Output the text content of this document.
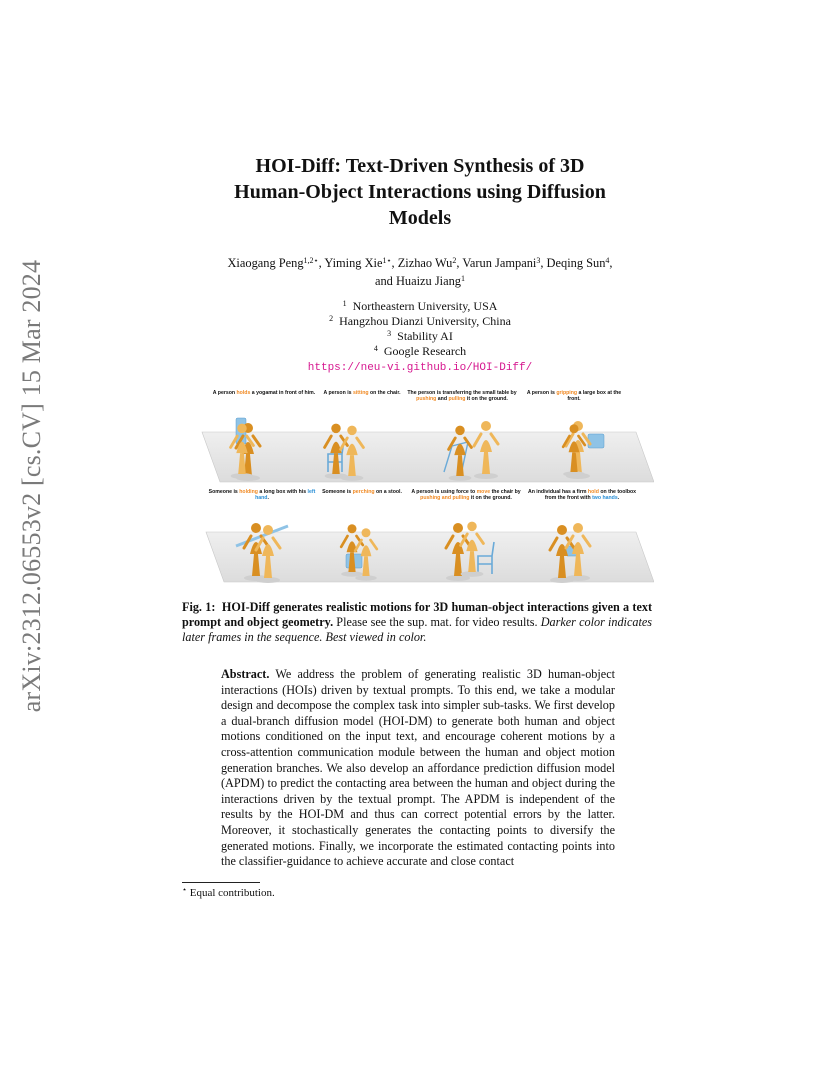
arXiv:2312.06553v2 [cs.CV] 15 Mar 2024
HOI-Diff: Text-Driven Synthesis of 3D
Human-Object Interactions using Diffusion
Models
Xiaogang Peng$^{1,2⋆}$, Yiming Xie$^{1⋆}$, Zizhao Wu$^2$, Varun Jampani$^3$, Deqing Sun$^4$,
and Huaizu Jiang$^1$
$^1$ Northeastern University, USA
$^2$ Hangzhou Dianzi University, China
$^3$ Stability AI
$^4$ Google Research
https://neu-vi.github.io/HOI-Diff/
A person holds a yogamat in front of him.	A person is sitting on the chair.	The person is transferring the small table by pushing and pulling it on the ground.
A person is gripping a large box at the front.
Someone is holding a long box with his left hand.
Someone is perching on a stool.	A person is using force to move the chair by pushing and pulling it on the ground.
An individual has a firm hold on the toolbox from the front with two hands.
Fig. 1: HOI-Diff generates realistic motions for 3D human-object interactions given a text prompt and object geometry. Please see the sup. mat. for video results. Darker color indicates later frames in the sequence. Best viewed in color.
Abstract. We address the problem of generating realistic 3D human-object interactions (HOIs) driven by textual prompts. To this end, we take a modular design and decompose the complex task into simpler sub-tasks. We first develop a dual-branch diffusion model (HOI-DM) to generate both human and object motions conditioned on the input text, and encourage coherent motions by a cross-attention communication module between the human and object motion generation branches. We also develop an affordance prediction diffusion model (APDM) to predict the contacting area between the human and object during the interactions driven by the textual prompt. The APDM is independent of the results by the HOI-DM and thus can correct potential errors by the latter. Moreover, it stochastically generates the contacting points to diversify the generated motions. Finally, we incorporate the estimated contacting points into the classifier-guidance to achieve accurate and close contact
⋆ Equal contribution.
